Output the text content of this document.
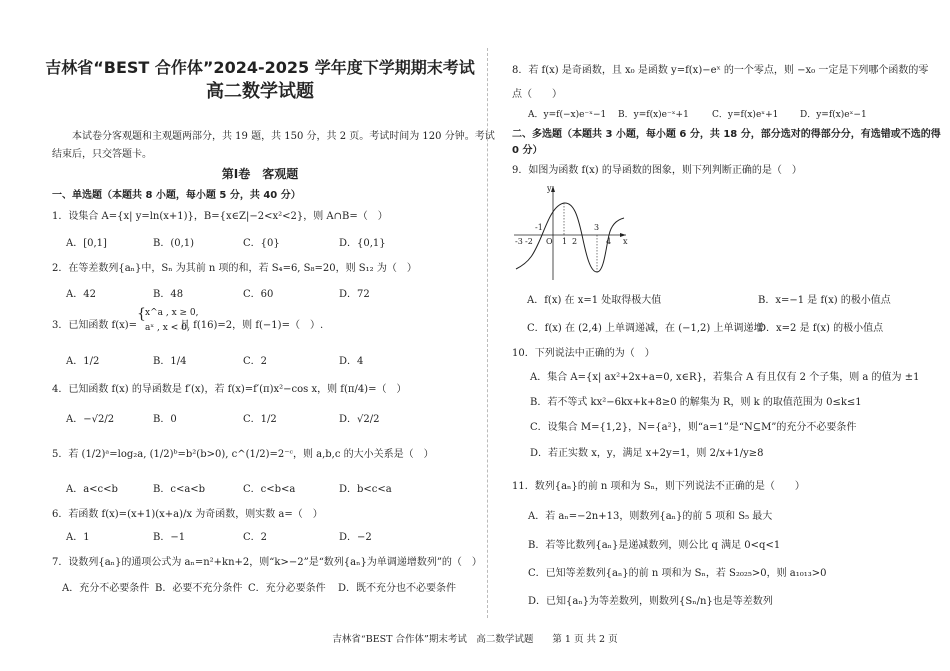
吉林省“BEST 合作体”2024-2025 学年度下学期期末考试
高二数学试题
本试卷分客观题和主观题两部分，共 19 题，共 150 分，共 2 页。考试时间为 120 分钟。考试
结束后，只交答题卡。
第Ⅰ卷　客观题
一、单选题（本题共 8 小题，每小题 5 分，共 40 分）
1．设集合 A={x| y=ln(x+1)}，B={x∈Z|−2<x²<2}，则 A∩B=（　）
A．[0,1]	B．(0,1)	C．{0}	D．{0,1}
2．在等差数列{aₙ}中，Sₙ 为其前 n 项的和，若 S₄=6, S₈=20，则 S₁₂ 为（　）
A．42	B．48	C．60	D．72
3．已知函数 f(x)=
{ x^a , x ≥ 0,
aˣ , x < 0,
且 f(16)=2，则 f(−1)=（　）.
A．1/2	B．1/4	C．2	D．4
4．已知函数 f(x) 的导函数是 f′(x)，若 f(x)=f′(π)x²−cos x，则 f(π/4)=（　）
A．−√2/2	B．0	C．1/2	D．√2/2
5．若 (1/2)ᵃ=log₂a, (1/2)ᵇ=b²(b>0), c^(1/2)=2⁻ᶜ，则 a,b,c 的大小关系是（　）
A．a<c<b	B．c<a<b	C．c<b<a	D．b<c<a
6．若函数 f(x)=(x+1)(x+a)/x 为奇函数，则实数 a=（　）
A．1	B．−1	C．2	D．−2
7．设数列{aₙ}的通项公式为 aₙ=n²+kn+2，则“k>−2”是“数列{aₙ}为单调递增数列”的（　）
A．充分不必要条件 B．必要不充分条件 C．充分必要条件 D．既不充分也不必要条件
8．若 f(x) 是奇函数，且 x₀ 是函数 y=f(x)−eˣ 的一个零点，则 −x₀ 一定是下列哪个函数的零
点（　　）
A．y=f(−x)e⁻ˣ−1 B．y=f(x)e⁻ˣ+1	C．y=f(x)eˣ+1 D．y=f(x)eˣ−1
二、多选题（本题共 3 小题，每小题 6 分，共 18 分，部分选对的得部分分，有选错或不选的得
0 分）
9．如图为函数 f(x) 的导函数的图象，则下列判断正确的是（　）
y
x
O
-3 -2
-1
1 2
3
4
A．f(x) 在 x=1 处取得极大值	B．x=−1 是 f(x) 的极小值点
C．f(x) 在 (2,4) 上单调递减，在 (−1,2) 上单调递增
D．x=2 是 f(x) 的极小值点
10．下列说法中正确的为（　）
A．集合 A={x| ax²+2x+a=0, x∈R}，若集合 A 有且仅有 2 个子集，则 a 的值为 ±1
B．若不等式 kx²−6kx+k+8≥0 的解集为 R，则 k 的取值范围为 0≤k≤1
C．设集合 M={1,2}，N={a²}，则“a=1”是“N⊆M”的充分不必要条件
D．若正实数 x，y，满足 x+2y=1，则 2/x+1/y≥8
11．数列{aₙ}的前 n 项和为 Sₙ，则下列说法不正确的是（　　）
A．若 aₙ=−2n+13，则数列{aₙ}的前 5 项和 S₅ 最大
B．若等比数列{aₙ}是递减数列，则公比 q 满足 0<q<1
C．已知等差数列{aₙ}的前 n 项和为 Sₙ，若 S₂₀₂₅>0，则 a₁₀₁₃>0
D．已知{aₙ}为等差数列，则数列{Sₙ/n}也是等差数列
吉林省“BEST 合作体”期末考试　高二数学试题　　第 1 页 共 2 页
